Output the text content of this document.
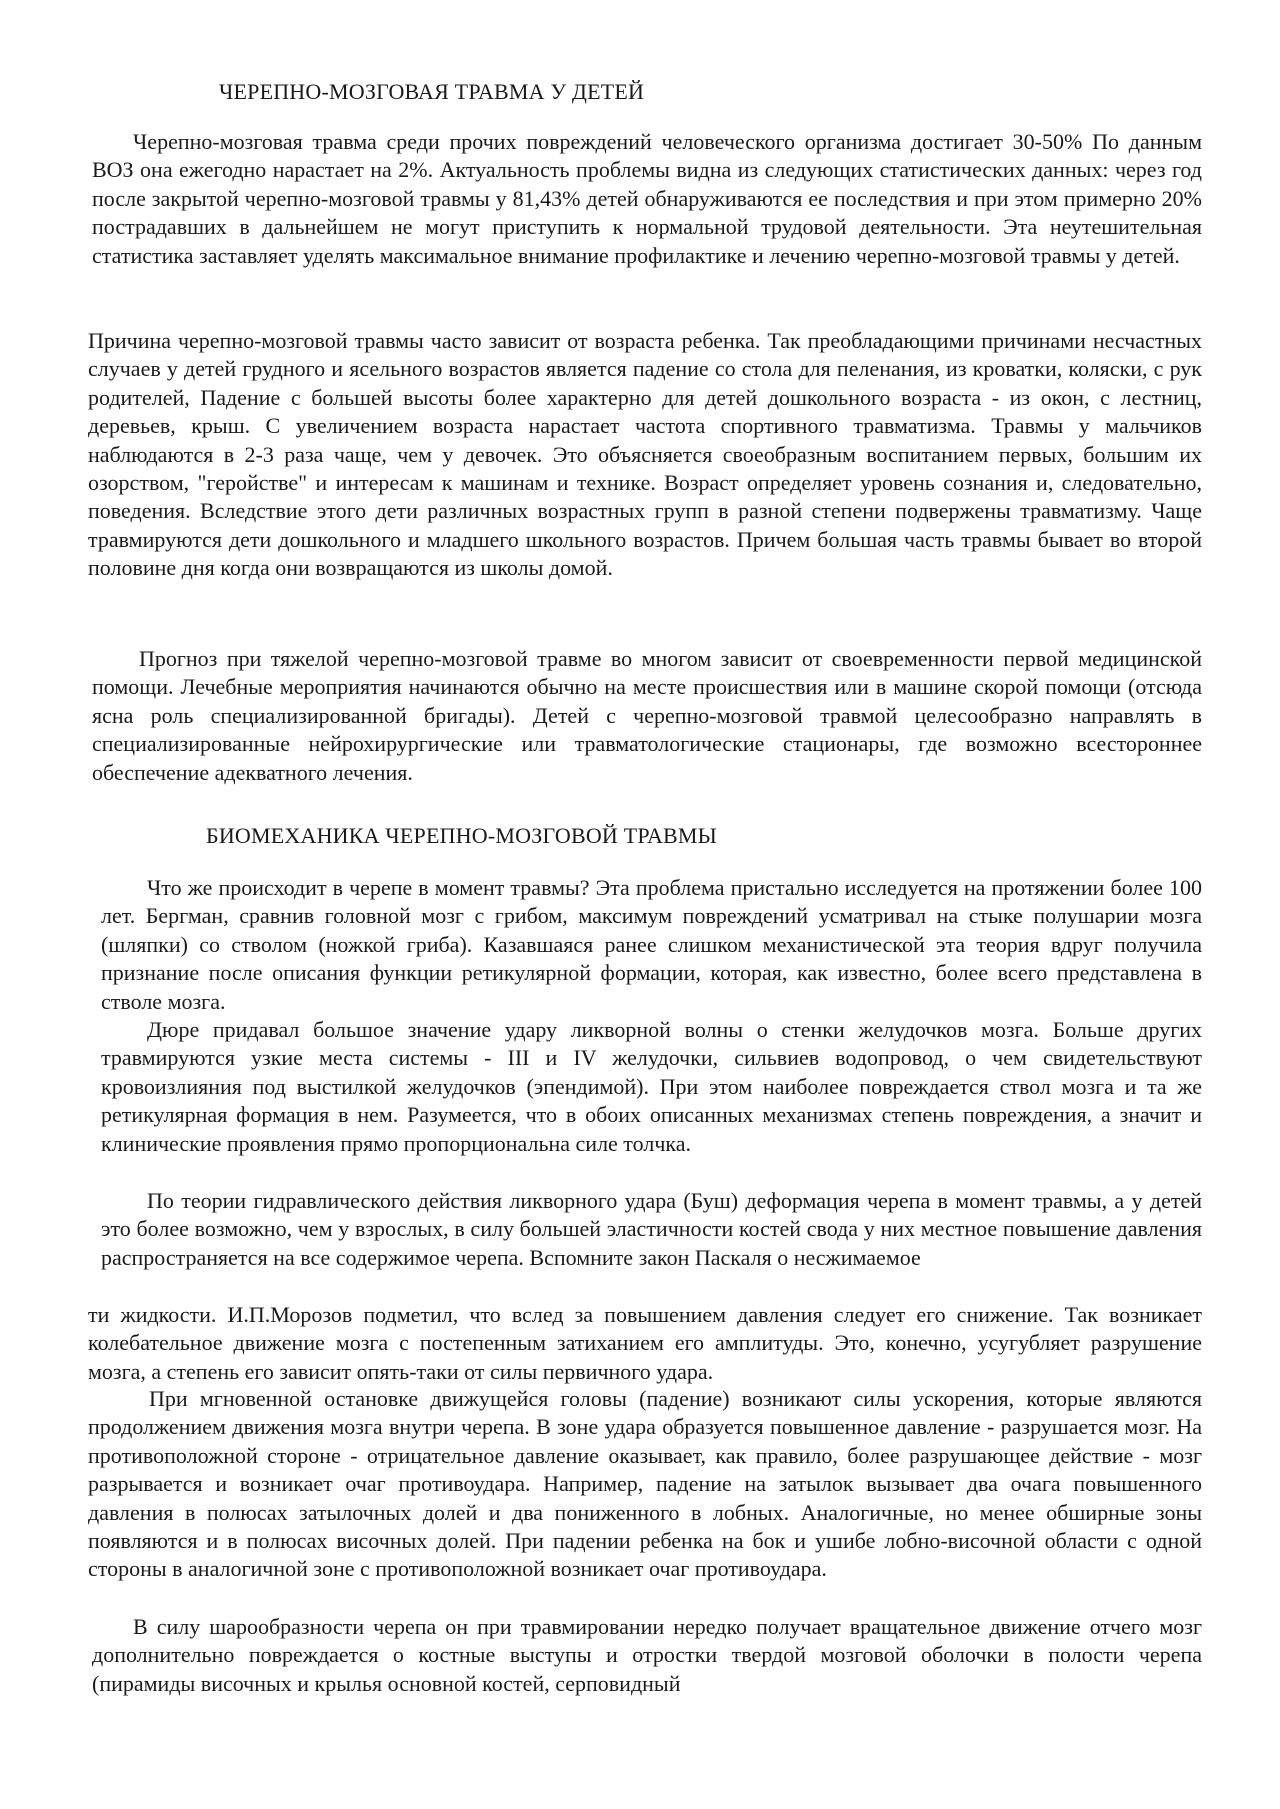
ЧЕРЕПНО-МОЗГОВАЯ ТРАВМА У ДЕТЕЙ

Черепно-мозговая травма среди прочих повреждений человеческого организма достигает 30-50% По данным ВОЗ она ежегодно нарастает на 2%. Актуальность проблемы видна из следующих статистических данных: через год после закрытой черепно-мозговой травмы у 81,43% детей обнаруживаются ее последствия и при этом примерно 20% пострадавших в дальнейшем не могут приступить к нормальной трудовой деятельности. Эта неутешительная статистика заставляет уделять максимальное внимание профилактике и лечению черепно-мозговой травмы у детей.

Причина черепно-мозговой травмы часто зависит от возраста ребенка. Так преобладающими причинами несчастных случаев у детей грудного и ясельного возрастов является падение со стола для пеленания, из кроватки, коляски, с рук родителей, Падение с большей высоты более характерно для детей дошкольного возраста - из окон, с лестниц, деревьев, крыш. С увеличением возраста нарастает частота спортивного травматизма. Травмы у мальчиков наблюдаются в 2-3 раза чаще, чем у девочек. Это объясняется своеобразным воспитанием первых, большим их озорством, "геройстве" и интересам к машинам и технике. Возраст определяет уровень сознания и, следовательно, поведения. Вследствие этого дети различных возрастных групп в разной степени подвержены травматизму. Чаще травмируются дети дошкольного и младшего школьного возрастов. Причем большая часть травмы бывает во второй половине дня когда они возвращаются из школы домой.

Прогноз при тяжелой черепно-мозговой травме во многом зависит от своевременности первой медицинской помощи. Лечебные мероприятия начинаются обычно на месте происшествия или в машине скорой помощи (отсюда ясна роль специализированной бригады). Детей с черепно-мозговой травмой целесообразно направлять в специализированные нейрохирургические или травматологические стационары, где возможно всестороннее обеспечение адекватного лечения.

БИОМЕХАНИКА ЧЕРЕПНО-МОЗГОВОЙ ТРАВМЫ

Что же происходит в черепе в момент травмы? Эта проблема пристально исследуется на протяжении более 100 лет. Бергман, сравнив головной мозг с грибом, максимум повреждений усматривал на стыке полушарии мозга (шляпки) со стволом (ножкой гриба). Казавшаяся ранее слишком механистической эта теория вдруг получила признание после описания функции ретикулярной формации, которая, как известно, более всего представлена в стволе мозга.

Дюре придавал большое значение удару ликворной волны о стенки желудочков мозга. Больше других травмируются узкие места системы - III и IV желудочки, сильвиев водопровод, о чем свидетельствуют кровоизлияния под выстилкой желудочков (эпендимой). При этом наиболее повреждается ствол мозга и та же ретикулярная формация в нем. Разумеется, что в обоих описанных механизмах степень повреждения, а значит и клинические проявления прямо пропорциональна силе толчка.

По теории гидравлического действия ликворного удара (Буш) деформация черепа в момент травмы, а у детей это более возможно, чем у взрослых, в силу большей эластичности костей свода у них местное повышение давления распространяется на все содержимое черепа. Вспомните закон Паскаля о несжимаемое

ти жидкости. И.П.Морозов подметил, что вслед за повышением давления следует его снижение. Так возникает колебательное движение мозга с постепенным затиханием его амплитуды. Это, конечно, усугубляет разрушение мозга, а степень его зависит опять-таки от силы первичного удара.

При мгновенной остановке движущейся головы (падение) возникают силы ускорения, которые являются продолжением движения мозга внутри черепа. В зоне удара образуется повышенное давление - разрушается мозг. На противоположной стороне - отрицательное давление оказывает, как правило, более разрушающее действие - мозг разрывается и возникает очаг противоудара. Например, падение на затылок вызывает два очага повышенного давления в полюсах затылочных долей и два пониженного в лобных. Аналогичные, но менее обширные зоны появляются и в полюсах височных долей. При падении ребенка на бок и ушибе лобно-височной области с одной стороны в аналогичной зоне с противоположной возникает очаг противоудара.

В силу шарообразности черепа он при травмировании нередко получает вращательное движение отчего мозг дополнительно повреждается о костные выступы и отростки твердой мозговой оболочки в полости черепа (пирамиды височных и крылья основной костей, серповидный
